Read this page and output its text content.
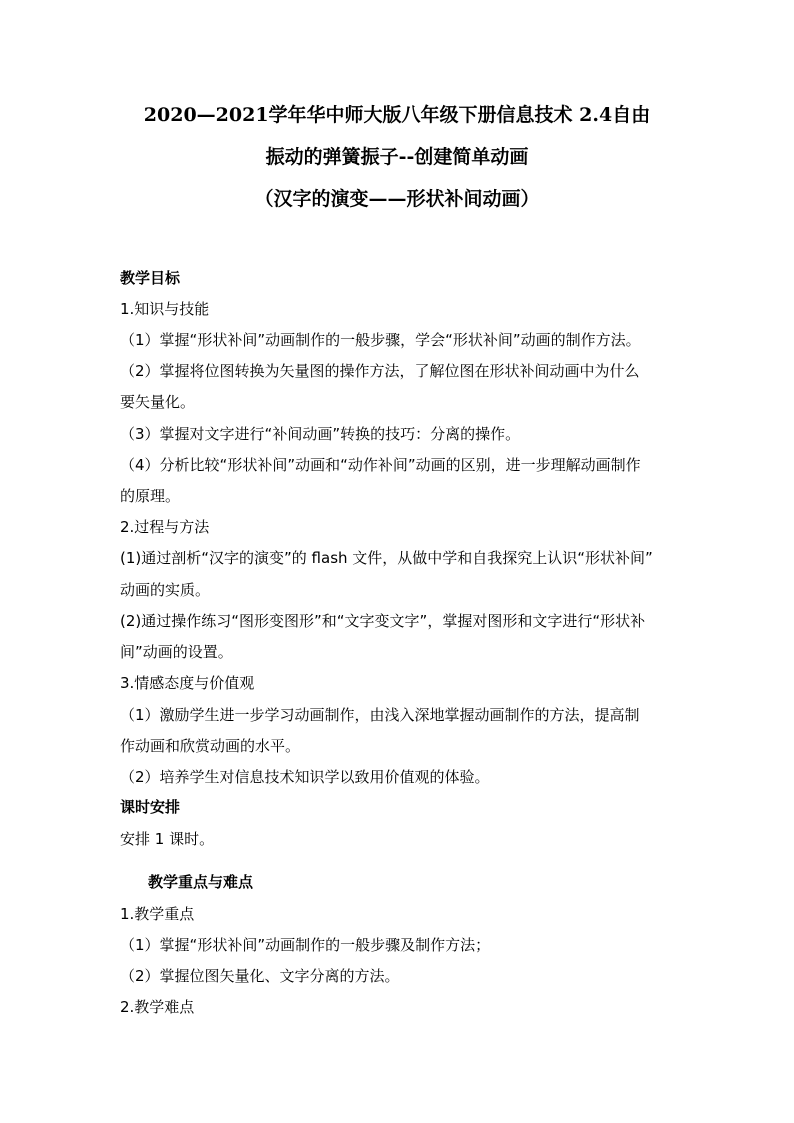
2020—2021学年华中师大版八年级下册信息技术 2.4自由
振动的弹簧振子--创建简单动画
（汉字的演变——形状补间动画）
教学目标
1.知识与技能
（1）掌握“形状补间”动画制作的一般步骤，学会“形状补间”动画的制作方法。
（2）掌握将位图转换为矢量图的操作方法，了解位图在形状补间动画中为什么
要矢量化。
（3）掌握对文字进行“补间动画”转换的技巧：分离的操作。
（4）分析比较“形状补间”动画和“动作补间”动画的区别，进一步理解动画制作
的原理。
2.过程与方法
(1)通过剖析“汉字的演变”的 flash 文件，从做中学和自我探究上认识“形状补间”
动画的实质。
(2)通过操作练习“图形变图形”和“文字变文字”，掌握对图形和文字进行“形状补
间”动画的设置。
3.情感态度与价值观
（1）激励学生进一步学习动画制作，由浅入深地掌握动画制作的方法，提高制
作动画和欣赏动画的水平。
（2）培养学生对信息技术知识学以致用价值观的体验。
课时安排
安排 1 课时。
教学重点与难点
1.教学重点
（1）掌握“形状补间”动画制作的一般步骤及制作方法；
（2）掌握位图矢量化、文字分离的方法。
2.教学难点
